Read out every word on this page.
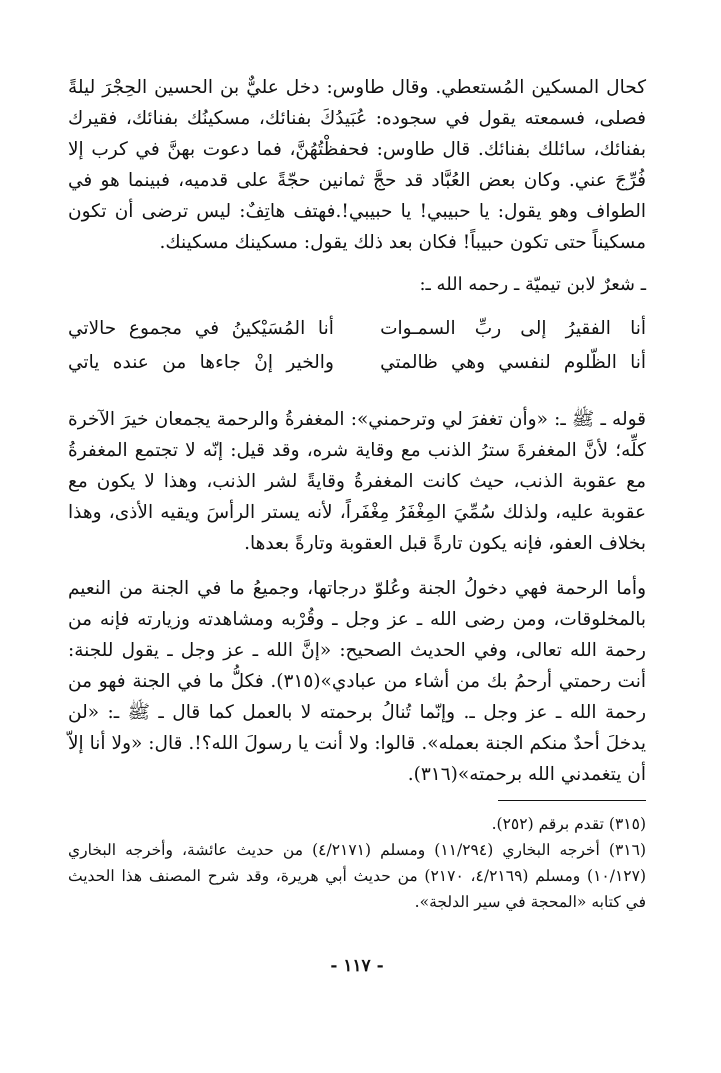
كحال المسكين المُستعطي. وقال طاوس: دخل عليٌّ بن الحسين الحِجْرَ ليلةً فصلى، فسمعته يقول في سجوده: عُبَيدُكَ بفنائك، مسكينُك بفنائك، فقيرك بفنائك، سائلك بفنائك. قال طاوس: فحفظْتُهُنَّ، فما دعوت بهنَّ في كرب إلا فُرِّجَ عني. وكان بعض العُبَّاد قد حجَّ ثمانين حجّةً على قدميه، فبينما هو في الطواف وهو يقول: يا حبيبي! يا حبيبي!.فهتف هاتِفٌ: ليس ترضى أن تكون مسكيناً حتى تكون حبيباً! فكان بعد ذلك يقول: مسكينك مسكينك.

ـ شعرٌ لابن تيميّة ـ رحمه الله ـ:
أنا الفقيرُ إلى ربِّ السمـوات
أنا المُسَيْكينُ في مجموع حالاتي
أنا الظّلوم لنفسي وهي ظالمتي
والخير إنْ جاءها من عنده ياتي

قوله ـ ﷺ ـ: «وأن تغفرَ لي وترحمني»: المغفرةُ والرحمة يجمعان خيرَ الآخرة كلِّه؛ لأنَّ المغفرةَ سترُ الذنب مع وقاية شره، وقد قيل: إنّه لا تجتمع المغفرةُ مع عقوبة الذنب، حيث كانت المغفرةُ وقايةً لشر الذنب، وهذا لا يكون مع عقوبة عليه، ولذلك سُمِّيَ المِغْفَرُ مِغْفَراً، لأنه يستر الرأسَ ويقيه الأذى، وهذا بخلاف العفو، فإنه يكون تارةً قبل العقوبة وتارةً بعدها.

وأما الرحمة فهي دخولُ الجنة وعُلوّ درجاتها، وجميعُ ما في الجنة من النعيم بالمخلوقات، ومن رضى الله ـ عز وجل ـ وقُرْبه ومشاهدته وزيارته فإنه من رحمة الله تعالى، وفي الحديث الصحيح: «إنَّ الله ـ عز وجل ـ يقول للجنة: أنت رحمتي أرحمُ بك من أشاء من عبادي»(٣١٥). فكلُّ ما في الجنة فهو من رحمة الله ـ عز وجل ـ. وإنّما تُنالُ برحمته لا بالعمل كما قال ـ ﷺ ـ: «لن يدخلَ أحدٌ منكم الجنة بعمله». قالوا: ولا أنت يا رسولَ الله؟!. قال: «ولا أنا إلاّ أن يتغمدني الله برحمته»(٣١٦).

(٣١٥) تقدم برقم (٢٥٢).

(٣١٦) أخرجه البخاري (١١/٢٩٤) ومسلم (٤/٢١٧١) من حديث عائشة، وأخرجه البخاري (١٠/١٢٧) ومسلم (٤/٢١٦٩، ٢١٧٠) من حديث أبي هريرة، وقد شرح المصنف هذا الحديث في كتابه «المحجة في سير الدلجة».

- ١١٧ -
